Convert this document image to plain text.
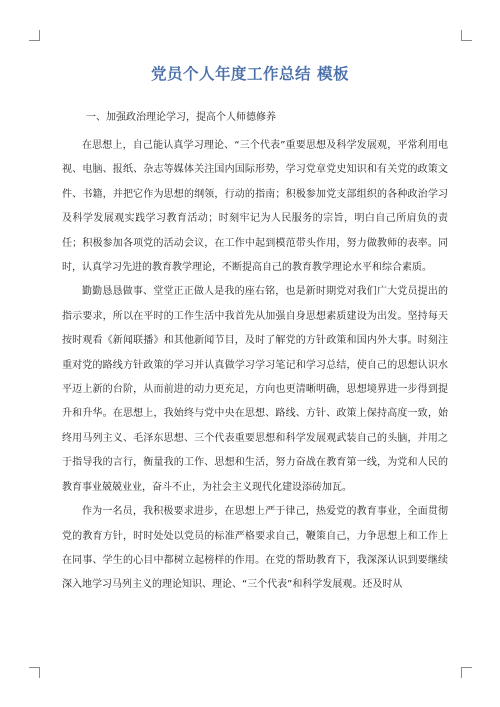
党员个人年度工作总结 模板
一、加强政治理论学习，提高个人师德修养

在思想上，自己能认真学习理论、“三个代表”重要思想及科学发展观，平常利用电视、电脑、报纸、杂志等媒体关注国内国际形势，学习党章党史知识和有关党的政策文件、书籍，并把它作为思想的纲领，行动的指南；积极参加党支部组织的各种政治学习及科学发展观实践学习教育活动；时刻牢记为人民服务的宗旨，明白自己所肩负的责任；积极参加各项党的活动会议，在工作中起到模范带头作用，努力做教师的表率。同时，认真学习先进的教育教学理论，不断提高自己的教育教学理论水平和综合素质。

勤勤恳恳做事、堂堂正正做人是我的座右铭，也是新时期党对我们广大党员提出的指示要求，所以在平时的工作生活中我首先从加强自身思想素质建设为出发。坚持每天按时观看《新闻联播》和其他新闻节目，及时了解党的方针政策和国内外大事。时刻注重对党的路线方针政策的学习并认真做学习学习笔记和学习总结，使自己的思想认识水平迈上新的台阶，从而前进的动力更充足，方向也更清晰明确，思想境界进一步得到提升和升华。在思想上，我始终与党中央在思想、路线、方针、政策上保持高度一致，始终用马列主义、毛泽东思想、三个代表重要思想和科学发展观武装自己的头脑，并用之于指导我的言行，衡量我的工作、思想和生活，努力奋战在教育第一线，为党和人民的教育事业兢兢业业，奋斗不止，为社会主义现代化建设添砖加瓦。

作为一名员，我积极要求进步，在思想上严于律己，热爱党的教育事业，全面贯彻党的教育方针，时时处处以党员的标准严格要求自己，鞭策自己，力争思想上和工作上在同事、学生的心目中都树立起榜样的作用。在党的帮助教育下，我深深认识到要继续深入地学习马列主义的理论知识、理论、“三个代表”和科学发展观。还及时从
